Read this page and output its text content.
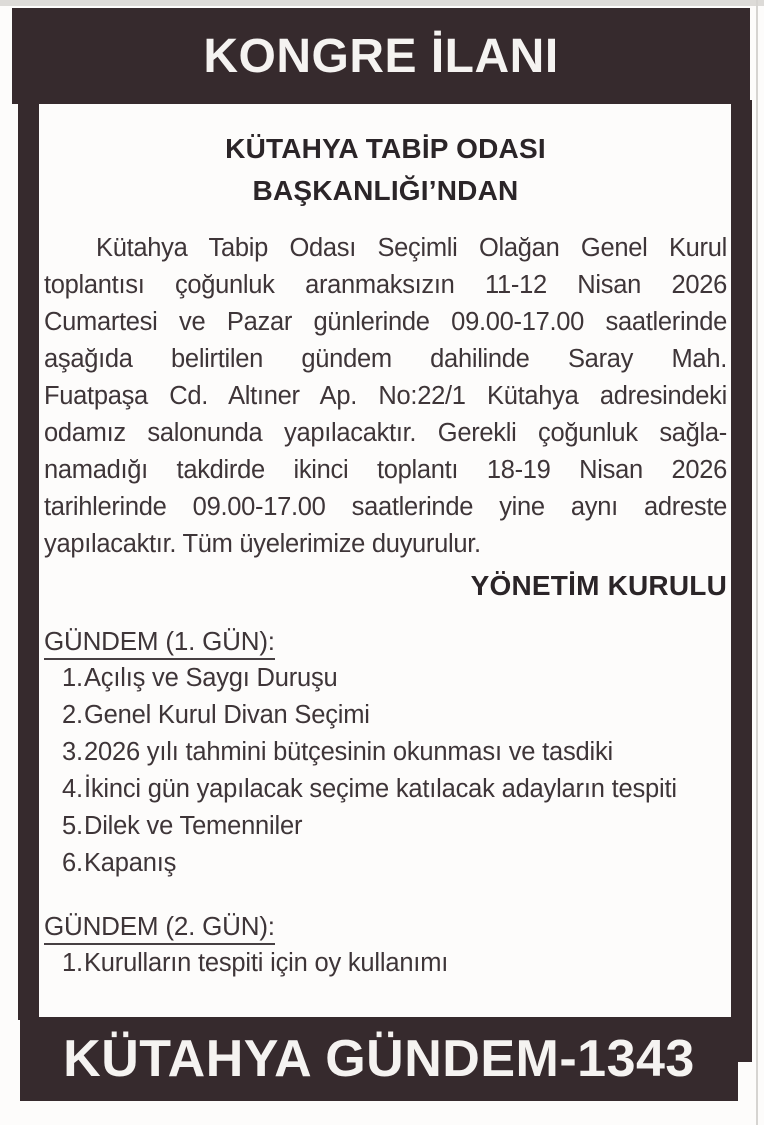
KONGRE İLANI
KÜTAHYA TABİP ODASI
BAŞKANLIĞI’NDAN
Kütahya Tabip Odası Seçimli Olağan Genel Kurul
toplantısı çoğunluk aranmaksızın 11-12 Nisan 2026
Cumartesi ve Pazar günlerinde 09.00-17.00 saatlerinde
aşağıda belirtilen gündem dahilinde Saray Mah.
Fuatpaşa Cd. Altıner Ap. No:22/1 Kütahya adresindeki
odamız salonunda yapılacaktır. Gerekli çoğunluk sağla-
namadığı takdirde ikinci toplantı 18-19 Nisan 2026
tarihlerinde 09.00-17.00 saatlerinde yine aynı adreste
yapılacaktır. Tüm üyelerimize duyurulur.
YÖNETİM KURULU
GÜNDEM (1. GÜN):
1. Açılış ve Saygı Duruşu
2. Genel Kurul Divan Seçimi
3. 2026 yılı tahmini bütçesinin okunması ve tasdiki
4. İkinci gün yapılacak seçime katılacak adayların tespiti
5. Dilek ve Temenniler
6. Kapanış
GÜNDEM (2. GÜN):
1. Kurulların tespiti için oy kullanımı
KÜTAHYA GÜNDEM-1343
